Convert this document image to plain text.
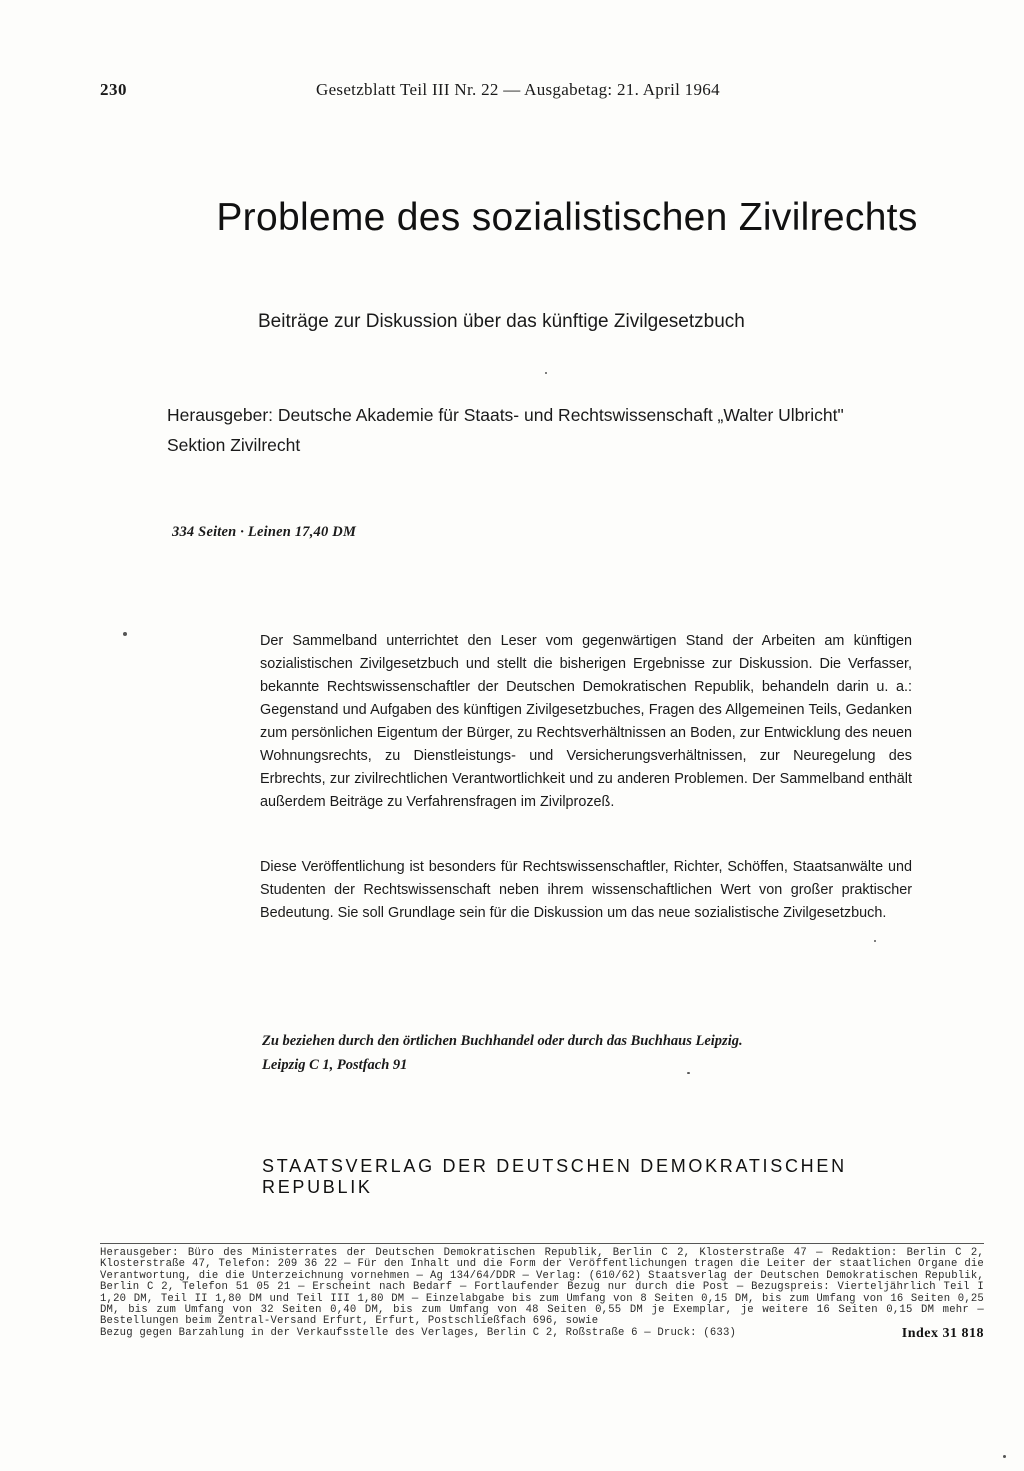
230	Gesetzblatt Teil III Nr. 22 — Ausgabetag: 21. April 1964
Probleme des sozialistischen Zivilrechts
Beiträge zur Diskussion über das künftige Zivilgesetzbuch
Herausgeber: Deutsche Akademie für Staats- und Rechtswissenschaft „Walter Ulbricht"
Sektion Zivilrecht
334 Seiten · Leinen 17,40 DM
Der Sammelband unterrichtet den Leser vom gegenwärtigen Stand der Arbeiten am künftigen sozialistischen Zivilgesetzbuch und stellt die bisherigen Ergebnisse zur Diskussion. Die Verfasser, bekannte Rechtswissenschaftler der Deutschen Demokratischen Republik, behandeln darin u. a.: Gegenstand und Aufgaben des künftigen Zivilgesetzbuches, Fragen des Allgemeinen Teils, Gedanken zum persönlichen Eigentum der Bürger, zu Rechtsverhältnissen an Boden, zur Entwicklung des neuen Wohnungsrechts, zu Dienstleistungs- und Versicherungsverhältnissen, zur Neuregelung des Erbrechts, zur zivilrechtlichen Verantwortlichkeit und zu anderen Problemen. Der Sammelband enthält außerdem Beiträge zu Verfahrensfragen im Zivilprozeß.
Diese Veröffentlichung ist besonders für Rechtswissenschaftler, Richter, Schöffen, Staatsanwälte und Studenten der Rechtswissenschaft neben ihrem wissenschaftlichen Wert von großer praktischer Bedeutung. Sie soll Grundlage sein für die Diskussion um das neue sozialistische Zivilgesetzbuch.
Zu beziehen durch den örtlichen Buchhandel oder durch das Buchhaus Leipzig.
Leipzig C 1, Postfach 91
STAATSVERLAG DER DEUTSCHEN DEMOKRATISCHEN REPUBLIK
Herausgeber: Büro des Ministerrates der Deutschen Demokratischen Republik, Berlin C 2, Klosterstraße 47 — Redaktion: Berlin C 2, Klosterstraße 47, Telefon: 209 36 22 — Für den Inhalt und die Form der Veröffentlichungen tragen die Leiter der staatlichen Organe die Verantwortung, die die Unterzeichnung vornehmen — Ag 134/64/DDR — Verlag: (610/62) Staatsverlag der Deutschen Demokratischen Republik, Berlin C 2, Telefon 51 05 21 — Erscheint nach Bedarf — Fortlaufender Bezug nur durch die Post — Bezugspreis: Vierteljährlich Teil I 1,20 DM, Teil II 1,80 DM und Teil III 1,80 DM — Einzelabgabe bis zum Umfang von 8 Seiten 0,15 DM, bis zum Umfang von 16 Seiten 0,25 DM, bis zum Umfang von 32 Seiten 0,40 DM, bis zum Umfang von 48 Seiten 0,55 DM je Exemplar, je weitere 16 Seiten 0,15 DM mehr — Bestellungen beim Zentral-Versand Erfurt, Erfurt, Postschließfach 696, sowie
Bezug gegen Barzahlung in der Verkaufsstelle des Verlages, Berlin C 2, Roßstraße 6 — Druck: (633)	Index 31 818
